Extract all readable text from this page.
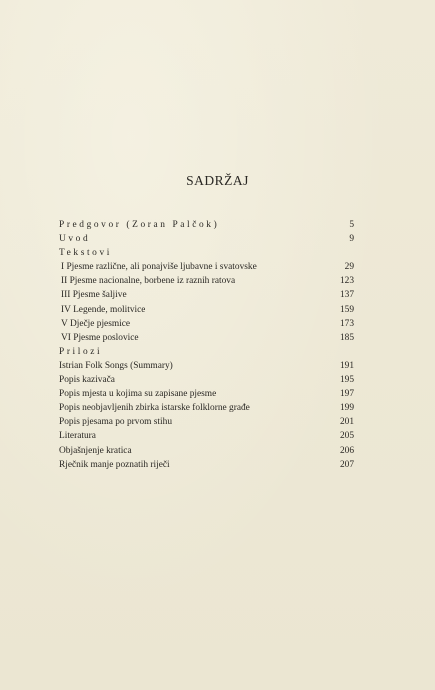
SADRŽAJ
Predgovor (Zoran Palčok)	5
Uvod	9
Tekstovi
I Pjesme različne, ali ponajviše ljubavne i svatovske	29
II Pjesme nacionalne, borbene iz raznih ratova	123
III Pjesme šaljive	137
IV Legende, molitvice	159
V Dječje pjesmice	173
VI Pjesme poslovice	185
Prilozi
Istrian Folk Songs (Summary)	191
Popis kazivača	195
Popis mjesta u kojima su zapisane pjesme	197
Popis neobjavljenih zbirka istarske folklorne građe	199
Popis pjesama po prvom stihu	201
Literatura	205
Objašnjenje kratica	206
Rječnik manje poznatih riječi	207
